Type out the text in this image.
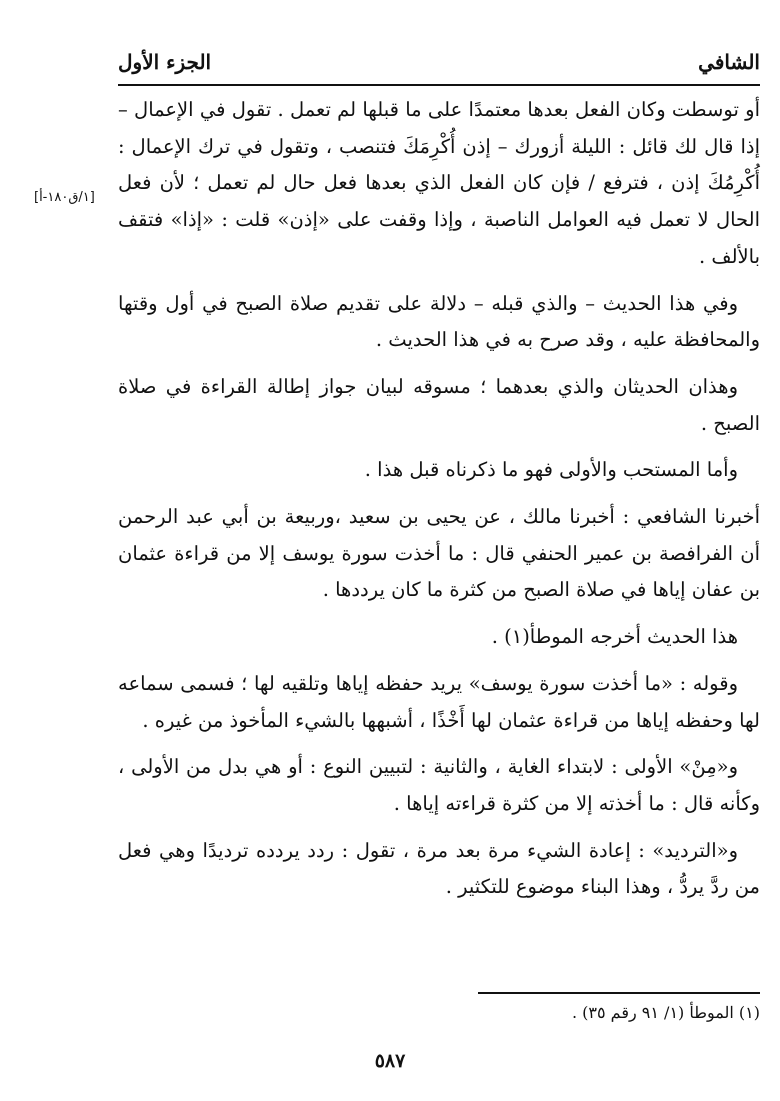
الشافي
الجزء الأول
[١/ق١٨٠-أ]

أو توسطت وكان الفعل بعدها معتمدًا على ما قبلها لم تعمل . تقول في الإعمال – إذا قال لك قائل : الليلة أزورك – إذن أُكْرِمَكَ فتنصب ، وتقول في ترك الإعمال : أُكْرِمُكَ إذن ، فترفع / فإن كان الفعل الذي بعدها فعل حال لم تعمل ؛ لأن فعل الحال لا تعمل فيه العوامل الناصبة ، وإذا وقفت على «إذن» قلت : «إذا» فتقف بالألف .

وفي هذا الحديث – والذي قبله – دلالة على تقديم صلاة الصبح في أول وقتها والمحافظة عليه ، وقد صرح به في هذا الحديث .

وهذان الحديثان والذي بعدهما ؛ مسوقه لبيان جواز إطالة القراءة في صلاة الصبح .

وأما المستحب والأولى فهو ما ذكرناه قبل هذا .

أخبرنا الشافعي : أخبرنا مالك ، عن يحيى بن سعيد ،وربيعة بن أبي عبد الرحمن أن الفرافصة بن عمير الحنفي قال : ما أخذت سورة يوسف إلا من قراءة عثمان بن عفان إياها في صلاة الصبح من كثرة ما كان يرددها .

هذا الحديث أخرجه الموطأ(١) .

وقوله : «ما أخذت سورة يوسف» يريد حفظه إياها وتلقيه لها ؛ فسمى سماعه لها وحفظه إياها من قراءة عثمان لها أَخْذًا ، أشبهها بالشيء المأخوذ من غيره .

و«مِنْ» الأولى : لابتداء الغاية ، والثانية : لتبيين النوع : أو هي بدل من الأولى ، وكأنه قال : ما أخذته إلا من كثرة قراءته إياها .

و«الترديد» : إعادة الشيء مرة بعد مرة ، تقول : ردد يردده ترديدًا وهي فعل من ردَّ يردُّ ، وهذا البناء موضوع للتكثير .

(١) الموطأ (١/ ٩١ رقم ٣٥) .
٥٨٧
